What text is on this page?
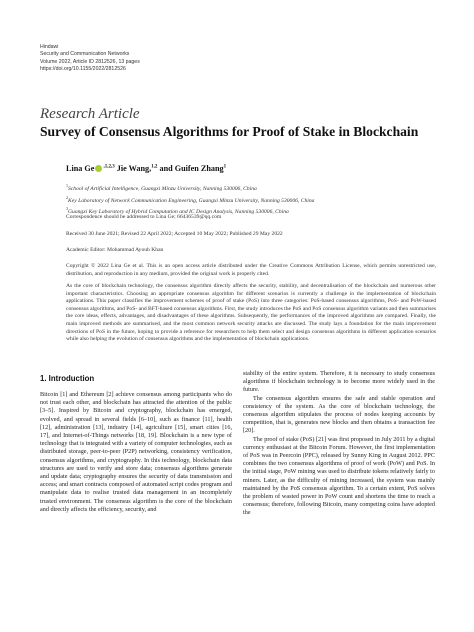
Hindawi
Security and Communication Networks
Volume 2022, Article ID 2812526, 13 pages
https://doi.org/10.1155/2022/2812526
Research Article
Survey of Consensus Algorithms for Proof of Stake in Blockchain
Lina Ge $^{,1,2,3}$ Jie Wang,$^{1,2}$ and Guifen Zhang$^1$
$^1$School of Artificial Intelligence, Guangxi Minzu University, Nanning 530006, China
$^2$Key Laboratory of Network Communication Engineering, Guangxi Minzu University, Nanning 530006, China
$^3$Guangxi Key Laboratory of Hybrid Computation and IC Design Analysis, Nanning 530006, China
Correspondence should be addressed to Lina Ge; 66436539@qq.com
Received 30 June 2021; Revised 22 April 2022; Accepted 10 May 2022; Published 29 May 2022
Academic Editor: Mohammad Ayoub Khan
Copyright © 2022 Lina Ge et al. This is an open access article distributed under the Creative Commons Attribution License, which permits unrestricted use, distribution, and reproduction in any medium, provided the original work is properly cited.
As the core of blockchain technology, the consensus algorithm directly affects the security, stability, and decentralisation of the blockchain and numerous other important characteristics. Choosing an appropriate consensus algorithm for different scenarios is currently a challenge in the implementation of blockchain applications. This paper classifies the improvement schemes of proof of stake (PoS) into three categories: PoS-based consensus algorithms, PoS- and PoW-based consensus algorithms, and PoS- and BFT-based consensus algorithms. First, the study introduces the PoS and PoS consensus algorithm variants and then summarises the core ideas, effects, advantages, and disadvantages of these algorithms. Subsequently, the performances of the improved algorithms are compared. Finally, the main improved methods are summarised, and the most common network security attacks are discussed. The study lays a foundation for the main improvement directions of PoS in the future, hoping to provide a reference for researchers to help them select and design consensus algorithms in different application scenarios while also helping the evolution of consensus algorithms and the implementation of blockchain applications.
1. Introduction

Bitcoin [1] and Ethereum [2] achieve consensus among participants who do not trust each other, and blockchain has attracted the attention of the public [3–5]. Inspired by Bitcoin and cryptography, blockchain has emerged, evolved, and spread in several fields [6–10], such as finance [11], health [12], administration [13], industry [14], agriculture [15], smart cities [16, 17], and Internet-of-Things networks [18, 19]. Blockchain is a new type of technology that is integrated with a variety of computer technologies, such as distributed storage, peer-to-peer (P2P) networking, consistency verification, consensus algorithms, and cryptography. In this technology, blockchain data structures are used to verify and store data; consensus algorithms generate and update data; cryptography ensures the security of data transmission and access; and smart contracts composed of automated script codes program and manipulate data to realise trusted data management in an incompletely trusted environment. The consensus algorithm is the core of the blockchain and directly affects the efficiency, security, and

stability of the entire system. Therefore, it is necessary to study consensus algorithms if blockchain technology is to become more widely used in the future.

The consensus algorithm ensures the safe and stable operation and consistency of the system. As the core of blockchain technology, the consensus algorithm stipulates the process of nodes keeping accounts by competition, that is, generates new blocks and then obtains a transaction fee [20].

The proof of stake (PoS) [21] was first proposed in July 2011 by a digital currency enthusiast at the Bitcoin Forum. However, the first implementation of PoS was in Peercoin (PPC), released by Sunny King in August 2012. PPC combines the two consensus algorithms of proof of work (PoW) and PoS. In the initial stage, PoW mining was used to distribute tokens relatively fairly to miners. Later, as the difficulty of mining increased, the system was mainly maintained by the PoS consensus algorithm. To a certain extent, PoS solves the problem of wasted power in PoW count and shortens the time to reach a consensus; therefore, following Bitcoin, many competing coins have adopted the
